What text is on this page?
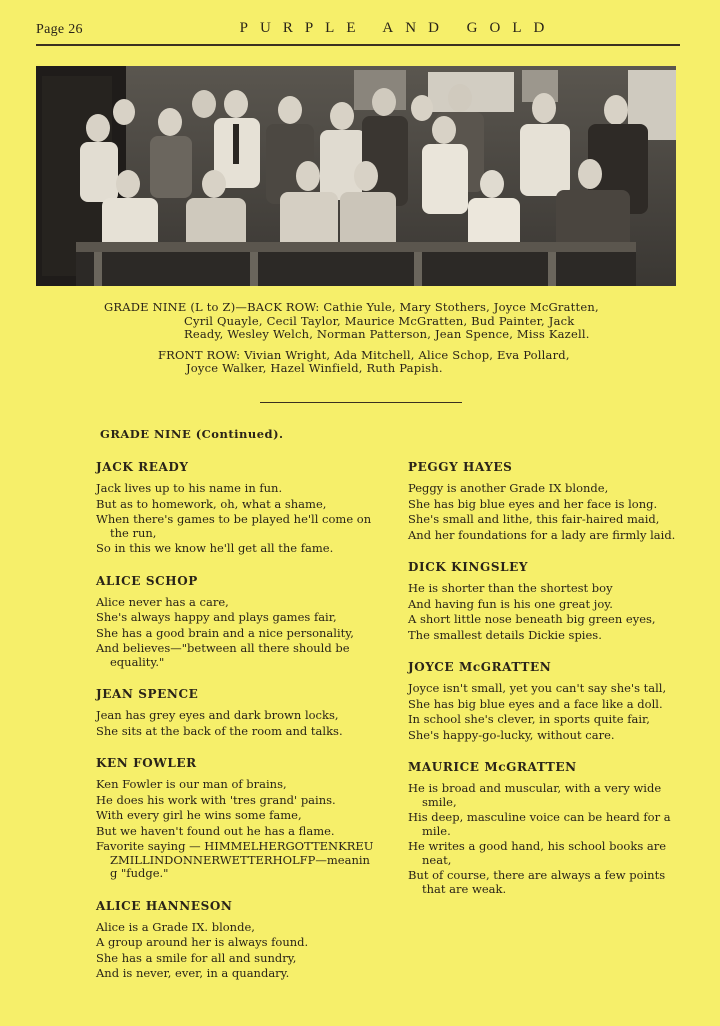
Page 26	PURPLE AND GOLD

GRADE NINE (L to Z)—BACK ROW: Cathie Yule, Mary Stothers, Joyce McGratten,
Cyril Quayle, Cecil Taylor, Maurice McGratten, Bud Painter, Jack
Ready, Wesley Welch, Norman Patterson, Jean Spence, Miss Kazell.

FRONT ROW: Vivian Wright, Ada Mitchell, Alice Schop, Eva Pollard,
Joyce Walker, Hazel Winfield, Ruth Papish.

GRADE NINE (Continued).
JACK READY
Jack lives up to his name in fun.
But as to homework, oh, what a shame,
When there's games to be played he'll come on the run,
So in this we know he'll get all the fame.
ALICE SCHOP
Alice never has a care,
She's always happy and plays games fair,
She has a good brain and a nice personality,
And believes—"between all there should be equality."
JEAN SPENCE
Jean has grey eyes and dark brown locks,
She sits at the back of the room and talks.
KEN FOWLER
Ken Fowler is our man of brains,
He does his work with 'tres grand' pains.
With every girl he wins some fame,
But we haven't found out he has a flame.
Favorite saying — HIMMELHERGOTTENKREUZMILLINDONNERWETTERHOLFP—meaning "fudge."
ALICE HANNESON
Alice is a Grade IX. blonde,
A group around her is always found.
She has a smile for all and sundry,
And is never, ever, in a quandary.
PEGGY HAYES
Peggy is another Grade IX blonde,
She has big blue eyes and her face is long.
She's small and lithe, this fair-haired maid,
And her foundations for a lady are firmly laid.
DICK KINGSLEY
He is shorter than the shortest boy
And having fun is his one great joy.
A short little nose beneath big green eyes,
The smallest details Dickie spies.
JOYCE McGRATTEN
Joyce isn't small, yet you can't say she's tall,
She has big blue eyes and a face like a doll.
In school she's clever, in sports quite fair,
She's happy-go-lucky, without care.
MAURICE McGRATTEN
He is broad and muscular, with a very wide smile,
His deep, masculine voice can be heard for a mile.
He writes a good hand, his school books are neat,
But of course, there are always a few points that are weak.
